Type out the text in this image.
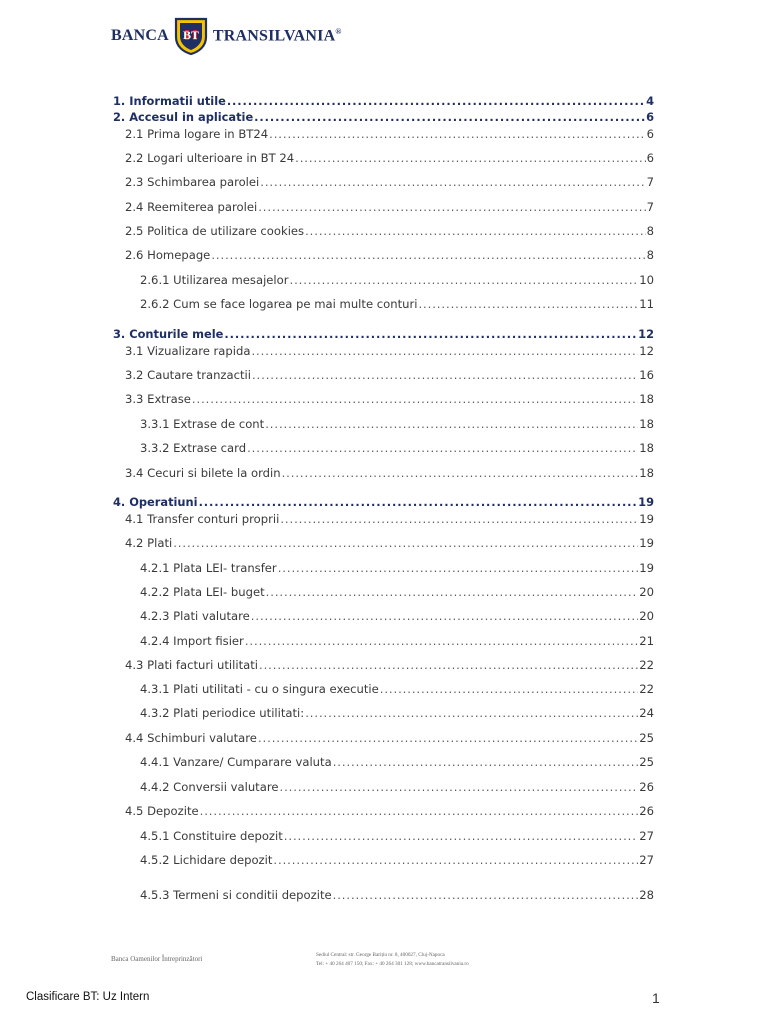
BANCA BT TRANSILVANIA®
1. Informatii utile .....	4
2. Accesul in aplicatie .....	6
2.1 Prima logare in BT24 .....	6
2.2 Logari ulterioare in BT 24 .....	6
2.3 Schimbarea parolei .....	7
2.4 Reemiterea parolei .....	7
2.5 Politica de utilizare cookies .....	8
2.6 Homepage .....	8
2.6.1 Utilizarea mesajelor .....	10
2.6.2 Cum se face logarea pe mai multe conturi .....	11
3. Conturile mele .....	12
3.1 Vizualizare rapida .....	12
3.2 Cautare tranzactii .....	16
3.3 Extrase .....	18
3.3.1 Extrase de cont .....	18
3.3.2 Extrase card .....	18
3.4 Cecuri si bilete la ordin .....	18
4. Operatiuni .....	19
4.1 Transfer conturi proprii .....	19
4.2 Plati .....	19
4.2.1 Plata LEI- transfer .....	19
4.2.2 Plata LEI- buget .....	20
4.2.3 Plati valutare .....	20
4.2.4 Import fisier .....	21
4.3 Plati facturi utilitati .....	22
4.3.1 Plati utilitati - cu o singura executie .....	22
4.3.2 Plati periodice utilitati: .....	24
4.4 Schimburi valutare .....	25
4.4.1 Vanzare/ Cumparare valuta .....	25
4.4.2 Conversii valutare .....	26
4.5 Depozite .....	26
4.5.1 Constituire depozit .....	27
4.5.2 Lichidare depozit .....	27
4.5.3 Termeni si conditii depozite .....	28
Banca Oamenilor Întreprinzători	Sediul Central: str. George Barițiu nr. 8, 400027, Cluj-Napoca
Tel: + 40 264 407 150; Fax: + 40 264 301 128; www.bancatransilvania.ro
Clasificare BT: Uz Intern	1
